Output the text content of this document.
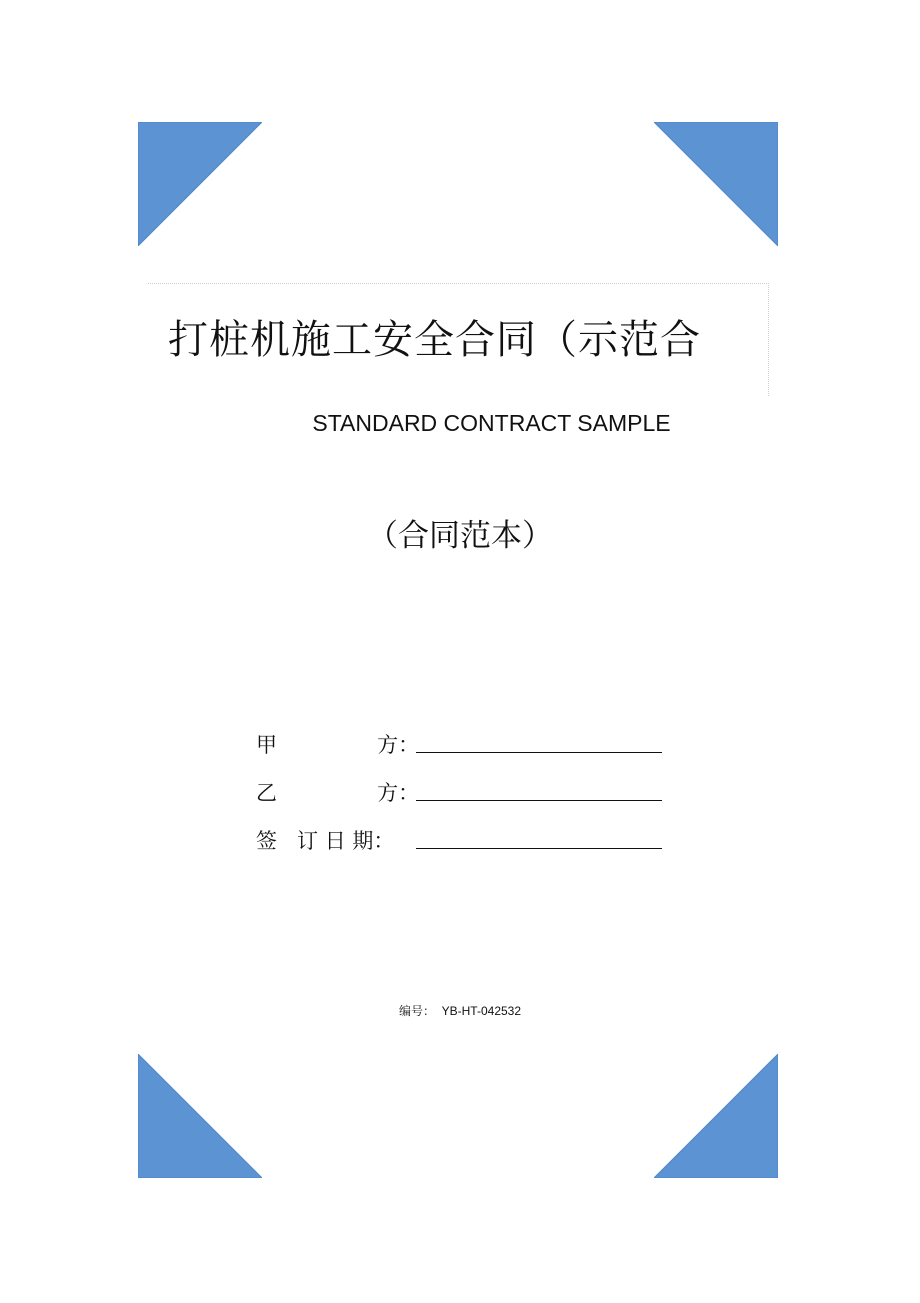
打桩机施工安全合同（示范合
STANDARD CONTRACT SAMPLE
（合同范本）
甲               方：
乙               方：
签   订 日 期：
编号：  YB-HT-042532
